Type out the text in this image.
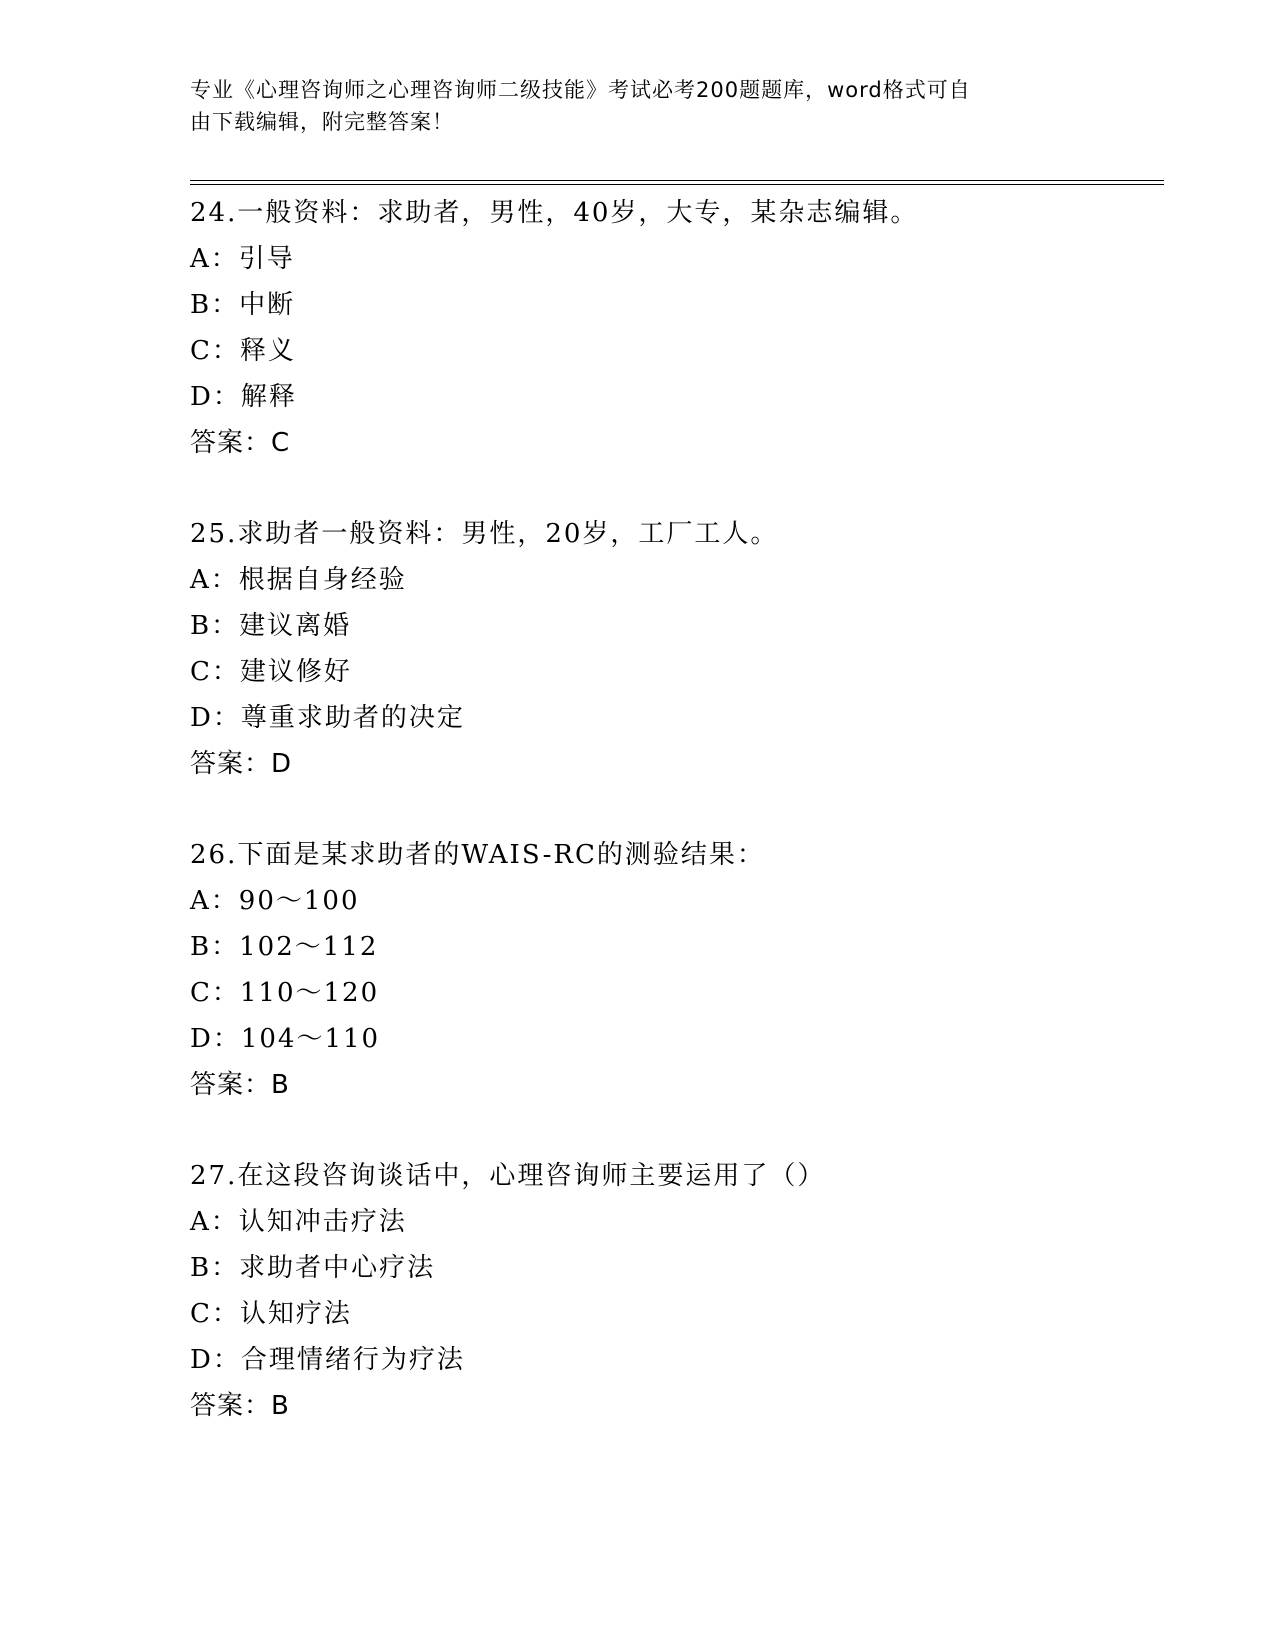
专业《心理咨询师之心理咨询师二级技能》考试必考200题题库，word格式可自
由下载编辑，附完整答案！
24.一般资料：求助者，男性，40岁，大专，某杂志编辑。
A：引导
B：中断
C：释义
D：解释
答案：C
25.求助者一般资料：男性，20岁，工厂工人。
A：根据自身经验
B：建议离婚
C：建议修好
D：尊重求助者的决定
答案：D
26.下面是某求助者的WAIS-RC的测验结果：
A：90～100
B：102～112
C：110～120
D：104～110
答案：B
27.在这段咨询谈话中，心理咨询师主要运用了（）
A：认知冲击疗法
B：求助者中心疗法
C：认知疗法
D：合理情绪行为疗法
答案：B
